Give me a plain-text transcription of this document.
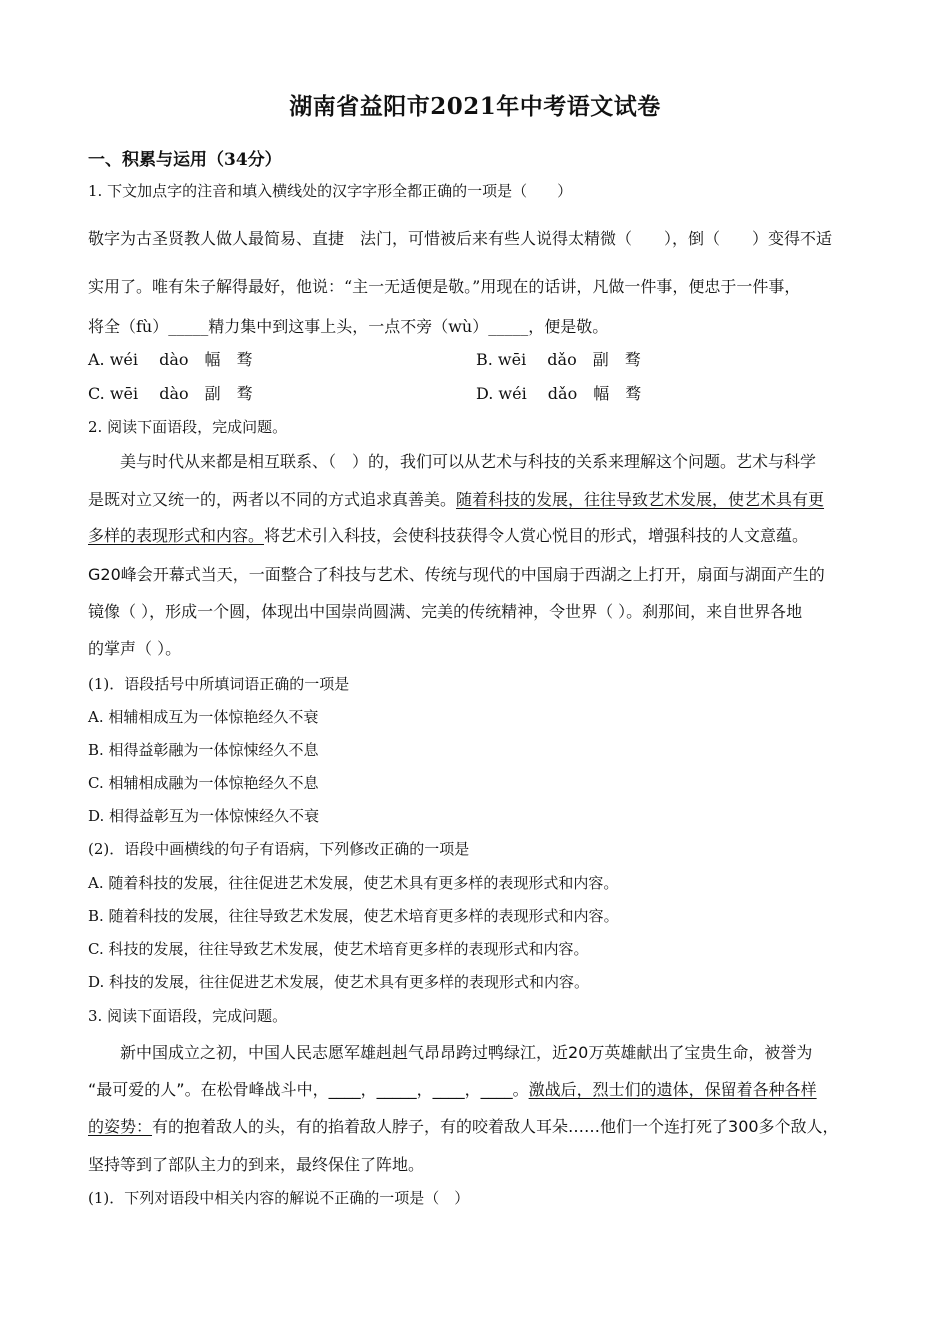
湖南省益阳市2021年中考语文试卷
一、积累与运用（34分）
1. 下文加点字的注音和填入横线处的汉字字形全都正确的一项是（　　）
敬字为古圣贤教人做人最简易、直捷　法门，可惜被后来有些人说得太精微（　　），倒（　　）变得不适
实用了。唯有朱子解得最好，他说：“主一无适便是敬。”用现在的话讲，凡做一件事，便忠于一件事，
将全（fù）_____精力集中到这事上头，一点不旁（wù）_____，便是敬。
A. wéi　 dào　幅　骛	B. wēi　 dǎo　副　骛
C. wēi　 dào　副　骛	D. wéi　 dǎo　幅　骛
2. 阅读下面语段，完成问题。
美与时代从来都是相互联系、（　）的，我们可以从艺术与科技的关系来理解这个问题。艺术与科学
是既对立又统一的，两者以不同的方式追求真善美。随着科技的发展，往往导致艺术发展，使艺术具有更
多样的表现形式和内容。将艺术引入科技，会使科技获得令人赏心悦目的形式，增强科技的人文意蕴。
G20峰会开幕式当天，一面整合了科技与艺术、传统与现代的中国扇于西湖之上打开，扇面与湖面产生的
镜像（ ），形成一个圆，体现出中国崇尚圆满、完美的传统精神，令世界（ ）。刹那间，来自世界各地
的掌声（ ）。
(1)．语段括号中所填词语正确的一项是
A. 相辅相成互为一体惊艳经久不衰
B. 相得益彰融为一体惊悚经久不息
C. 相辅相成融为一体惊艳经久不息
D. 相得益彰互为一体惊悚经久不衰
(2)．语段中画横线的句子有语病，下列修改正确的一项是
A. 随着科技的发展，往往促进艺术发展，使艺术具有更多样的表现形式和内容。
B. 随着科技的发展，往往导致艺术发展，使艺术培育更多样的表现形式和内容。
C. 科技的发展，往往导致艺术发展，使艺术培育更多样的表现形式和内容。
D. 科技的发展，往往促进艺术发展，使艺术具有更多样的表现形式和内容。
3. 阅读下面语段，完成问题。
新中国成立之初，中国人民志愿军雄赳赳气昂昂跨过鸭绿江，近20万英雄献出了宝贵生命，被誉为
“最可爱的人”。在松骨峰战斗中，____，_____，____，____。激战后，烈士们的遗体，保留着各种各样
的姿势：有的抱着敌人的头，有的掐着敌人脖子，有的咬着敌人耳朵……他们一个连打死了300多个敌人，
坚持等到了部队主力的到来，最终保住了阵地。
(1)．下列对语段中相关内容的解说不正确的一项是（　）
